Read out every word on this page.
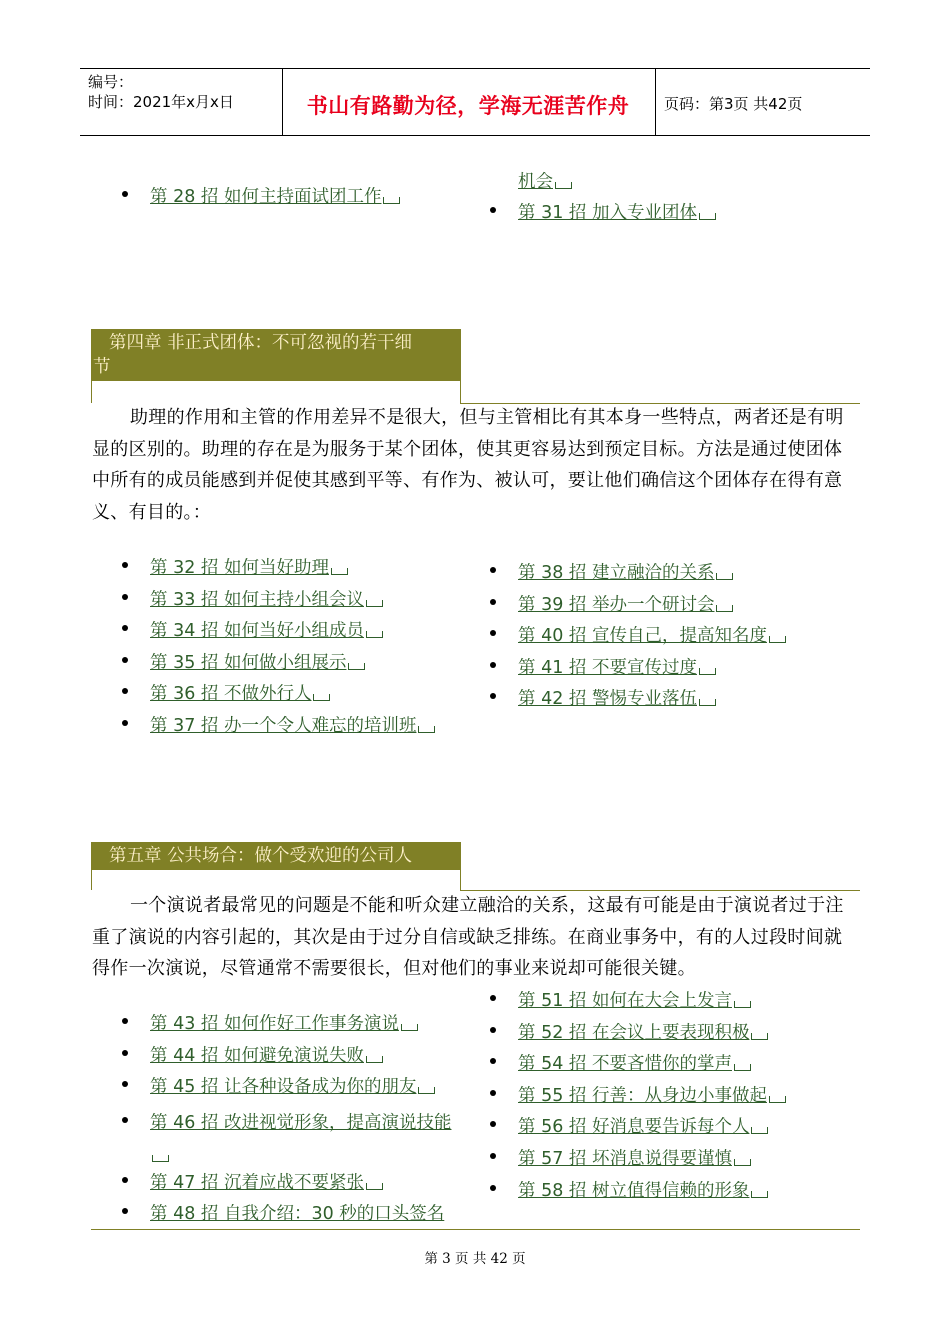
编号：
时间：2021年x月x日	书山有路勤为径，学海无涯苦作舟	页码：第3页 共42页
第 28 招 如何主持面试团工作
机会
第 31 招 加入专业团体
第四章 非正式团体：不可忽视的若干细
节
助理的作用和主管的作用差异不是很大，但与主管相比有其本身一些特点，两者还是有明显的区别的。助理的存在是为服务于某个团体，使其更容易达到预定目标。方法是通过使团体中所有的成员能感到并促使其感到平等、有作为、被认可，要让他们确信这个团体存在得有意义、有目的。：
第 32 招 如何当好助理
第 33 招 如何主持小组会议
第 34 招 如何当好小组成员
第 35 招 如何做小组展示
第 36 招 不做外行人
第 37 招 办一个令人难忘的培训班
第 38 招 建立融洽的关系
第 39 招 举办一个研讨会
第 40 招 宣传自己，提高知名度
第 41 招 不要宣传过度
第 42 招 警惕专业落伍
第五章 公共场合：做个受欢迎的公司人
一个演说者最常见的问题是不能和听众建立融洽的关系，这最有可能是由于演说者过于注重了演说的内容引起的，其次是由于过分自信或缺乏排练。在商业事务中，有的人过段时间就得作一次演说，尽管通常不需要很长，但对他们的事业来说却可能很关键。
第 43 招 如何作好工作事务演说
第 44 招 如何避免演说失败
第 45 招 让各种设备成为你的朋友
第 46 招 改进视觉形象，提高演说技能
第 47 招 沉着应战不要紧张
第 48 招 自我介绍：30 秒的口头签名
第 51 招 如何在大会上发言
第 52 招 在会议上要表现积极
第 54 招 不要吝惜你的掌声
第 55 招 行善：从身边小事做起
第 56 招 好消息要告诉每个人
第 57 招 坏消息说得要谨慎
第 58 招 树立值得信赖的形象
第 3 页 共 42 页
